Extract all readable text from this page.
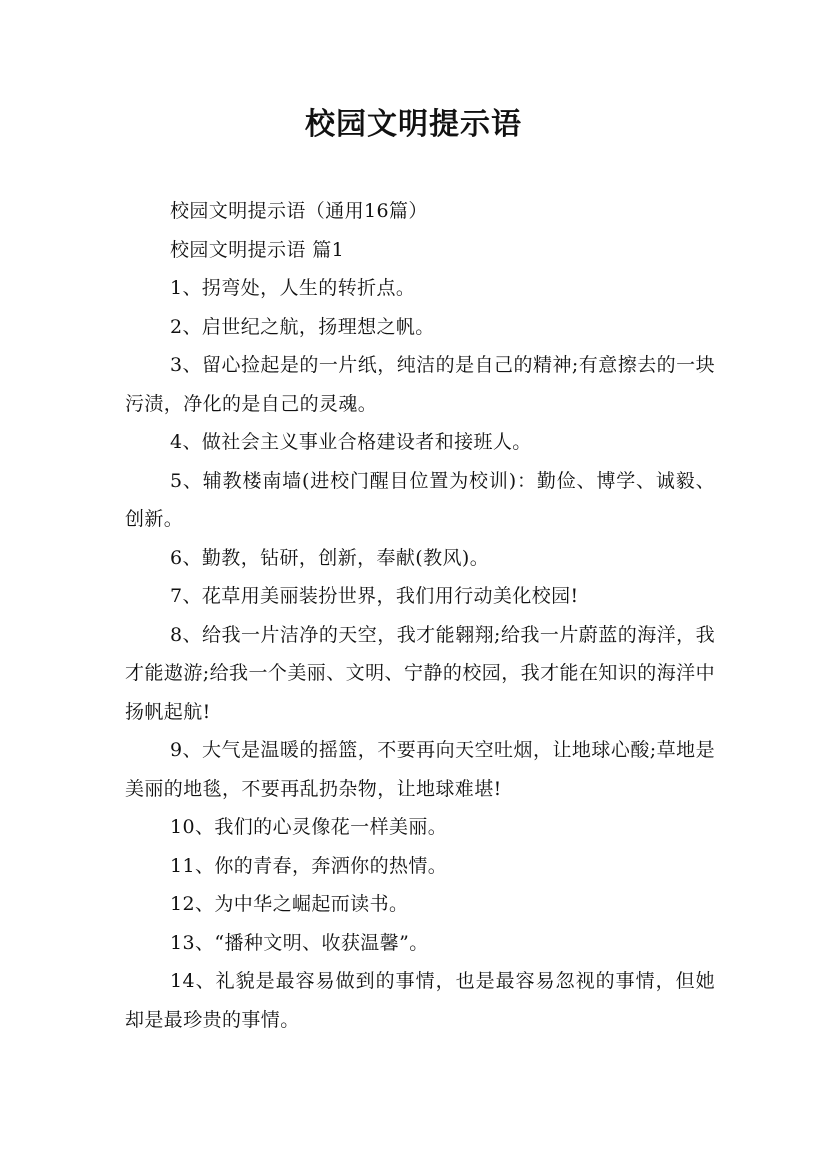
校园文明提示语

校园文明提示语（通用16篇）

校园文明提示语 篇1

1、拐弯处，人生的转折点。

2、启世纪之航，扬理想之帆。

3、留心捡起是的一片纸，纯洁的是自己的精神;有意擦去的一块污渍，净化的是自己的灵魂。

4、做社会主义事业合格建设者和接班人。

5、辅教楼南墙(进校门醒目位置为校训)：勤俭、博学、诚毅、创新。

6、勤教，钻研，创新，奉献(教风)。

7、花草用美丽装扮世界，我们用行动美化校园!

8、给我一片洁净的天空，我才能翱翔;给我一片蔚蓝的海洋，我才能遨游;给我一个美丽、文明、宁静的校园，我才能在知识的海洋中扬帆起航!

9、大气是温暖的摇篮，不要再向天空吐烟，让地球心酸;草地是美丽的地毯，不要再乱扔杂物，让地球难堪!

10、我们的心灵像花一样美丽。

11、你的青春，奔洒你的热情。

12、为中华之崛起而读书。

13、“播种文明、收获温馨”。

14、礼貌是最容易做到的事情，也是最容易忽视的事情，但她却是最珍贵的事情。
